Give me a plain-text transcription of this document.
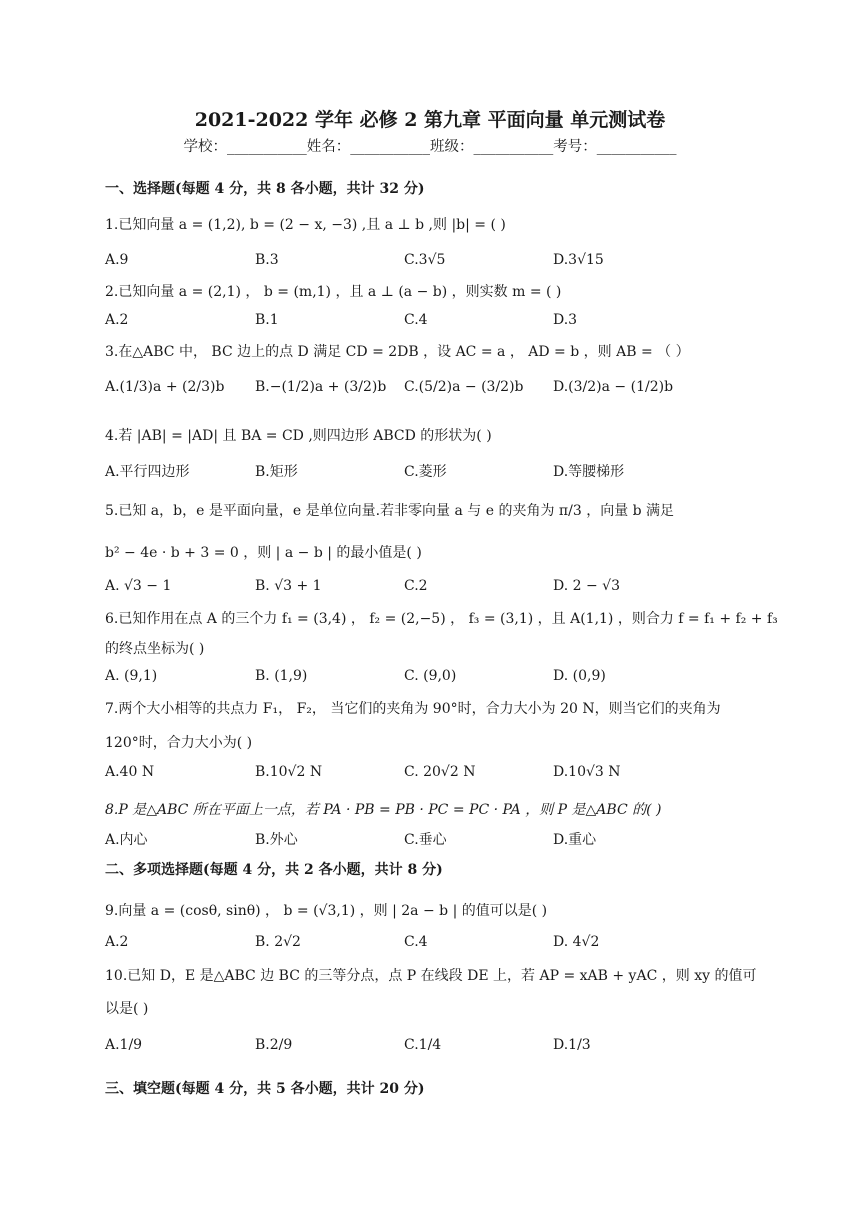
2021-2022 学年 必修 2 第九章 平面向量 单元测试卷
学校：___________姓名：___________班级：___________考号：___________
一、选择题(每题 4 分，共 8 各小题，共计 32 分)
1.已知向量 a = (1,2), b = (2 − x, −3) ,且 a ⊥ b ,则 |b| = ( )
A.9	B.3	C.3√5	D.3√15
2.已知向量 a = (2,1) ， b = (m,1) ，且 a ⊥ (a − b) ，则实数 m = ( )
A.2	B.1	C.4	D.3
3.在△ABC 中， BC 边上的点 D 满足 CD = 2DB ，设 AC = a ， AD = b ，则 AB = （ ）
A.(1/3)a + (2/3)b B.−(1/2)a + (3/2)b C.(5/2)a − (3/2)b D.(3/2)a − (1/2)b
4.若 |AB| = |AD| 且 BA = CD ,则四边形 ABCD 的形状为( )
A.平行四边形	B.矩形	C.菱形	D.等腰梯形
5.已知 a，b，e 是平面向量，e 是单位向量.若非零向量 a 与 e 的夹角为 π/3 ，向量 b 满足
b² − 4e · b + 3 = 0 ，则 | a − b | 的最小值是( )
A. √3 − 1	B. √3 + 1	C.2	D. 2 − √3
6.已知作用在点 A 的三个力 f₁ = (3,4) ， f₂ = (2,−5) ， f₃ = (3,1) ，且 A(1,1) ，则合力 f = f₁ + f₂ + f₃
的终点坐标为( )
A. (9,1)	B. (1,9)	C. (9,0)	D. (0,9)
7.两个大小相等的共点力 F₁， F₂， 当它们的夹角为 90°时，合力大小为 20 N，则当它们的夹角为
120°时，合力大小为( )
A.40 N	B.10√2 N	C. 20√2 N	D.10√3 N
8.P 是△ABC 所在平面上一点，若 PA · PB = PB · PC = PC · PA ，则 P 是△ABC 的( )
A.内心	B.外心	C.垂心	D.重心
二、多项选择题(每题 4 分，共 2 各小题，共计 8 分)
9.向量 a = (cosθ, sinθ) ， b = (√3,1) ，则 | 2a − b | 的值可以是( )
A.2	B. 2√2	C.4	D. 4√2
10.已知 D，E 是△ABC 边 BC 的三等分点，点 P 在线段 DE 上，若 AP = xAB + yAC ，则 xy 的值可
以是( )
A.1/9	B.2/9	C.1/4	D.1/3
三、填空题(每题 4 分，共 5 各小题，共计 20 分)
